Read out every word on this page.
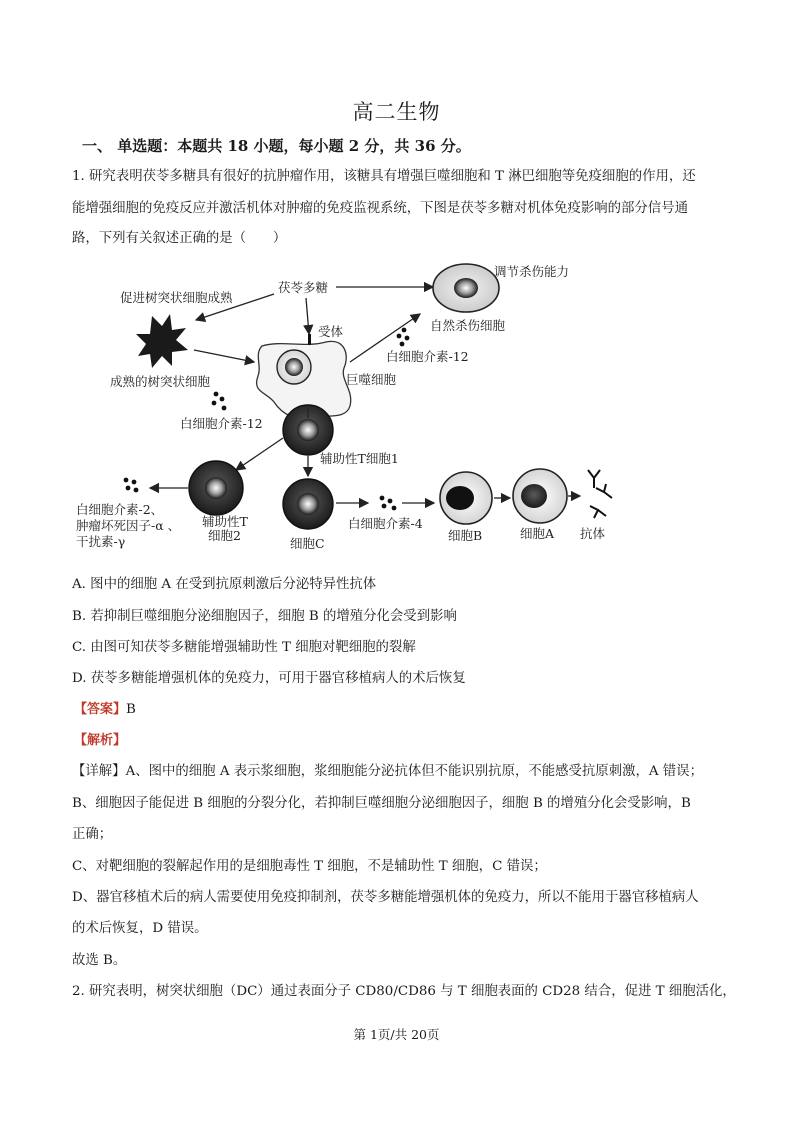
高二生物
一、 单选题：本题共 18 小题，每小题 2 分，共 36 分。
1. 研究表明茯苓多糖具有很好的抗肿瘤作用，该糖具有增强巨噬细胞和 T 淋巴细胞等免疫细胞的作用，还
能增强细胞的免疫反应并激活机体对肿瘤的免疫监视系统，下图是茯苓多糖对机体免疫影响的部分信号通
路，下列有关叙述正确的是（　　）
茯苓多糖
促进树突状细胞成熟
调节杀伤能力
自然杀伤细胞
成熟的树突状细胞
受体
巨噬细胞
白细胞介素-12
白细胞介素-12
辅助性T细胞1
辅助性T
细胞2
白细胞介素-2、
肿瘤坏死因子-α 、
干扰素-γ	细胞C
白细胞介素-4
细胞B	细胞A 抗体
A. 图中的细胞 A 在受到抗原刺激后分泌特异性抗体
B. 若抑制巨噬细胞分泌细胞因子，细胞 B 的增殖分化会受到影响
C. 由图可知茯苓多糖能增强辅助性 T 细胞对靶细胞的裂解
D. 茯苓多糖能增强机体的免疫力，可用于器官移植病人的术后恢复
【答案】B
【解析】
【详解】A、图中的细胞 A 表示浆细胞，浆细胞能分泌抗体但不能识别抗原，不能感受抗原刺激，A 错误；
B、细胞因子能促进 B 细胞的分裂分化，若抑制巨噬细胞分泌细胞因子，细胞 B 的增殖分化会受影响，B
正确；
C、对靶细胞的裂解起作用的是细胞毒性 T 细胞，不是辅助性 T 细胞，C 错误；
D、器官移植术后的病人需要使用免疫抑制剂，茯苓多糖能增强机体的免疫力，所以不能用于器官移植病人
的术后恢复，D 错误。
故选 B。
2. 研究表明，树突状细胞（DC）通过表面分子 CD80/CD86 与 T 细胞表面的 CD28 结合，促进 T 细胞活化，
第 1页/共 20页
